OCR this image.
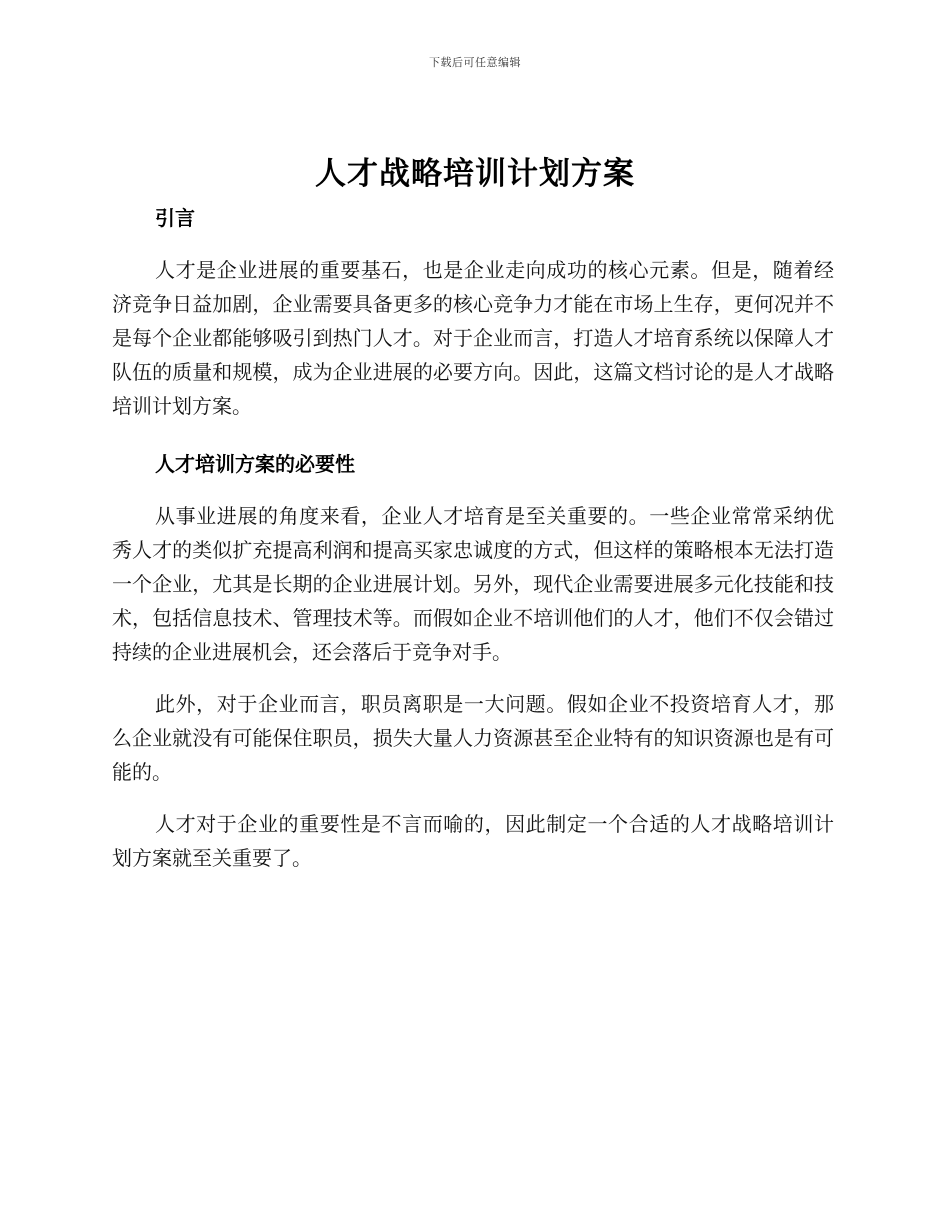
下载后可任意编辑
人才战略培训计划方案
引言

人才是企业进展的重要基石，也是企业走向成功的核心元素。但是，随着经济竞争日益加剧，企业需要具备更多的核心竞争力才能在市场上生存，更何况并不是每个企业都能够吸引到热门人才。对于企业而言，打造人才培育系统以保障人才队伍的质量和规模，成为企业进展的必要方向。因此，这篇文档讨论的是人才战略培训计划方案。

人才培训方案的必要性

从事业进展的角度来看，企业人才培育是至关重要的。一些企业常常采纳优秀人才的类似扩充提高利润和提高买家忠诚度的方式，但这样的策略根本无法打造一个企业，尤其是长期的企业进展计划。另外，现代企业需要进展多元化技能和技术，包括信息技术、管理技术等。而假如企业不培训他们的人才，他们不仅会错过持续的企业进展机会，还会落后于竞争对手。

此外，对于企业而言，职员离职是一大问题。假如企业不投资培育人才，那么企业就没有可能保住职员，损失大量人力资源甚至企业特有的知识资源也是有可能的。

人才对于企业的重要性是不言而喻的，因此制定一个合适的人才战略培训计划方案就至关重要了。
